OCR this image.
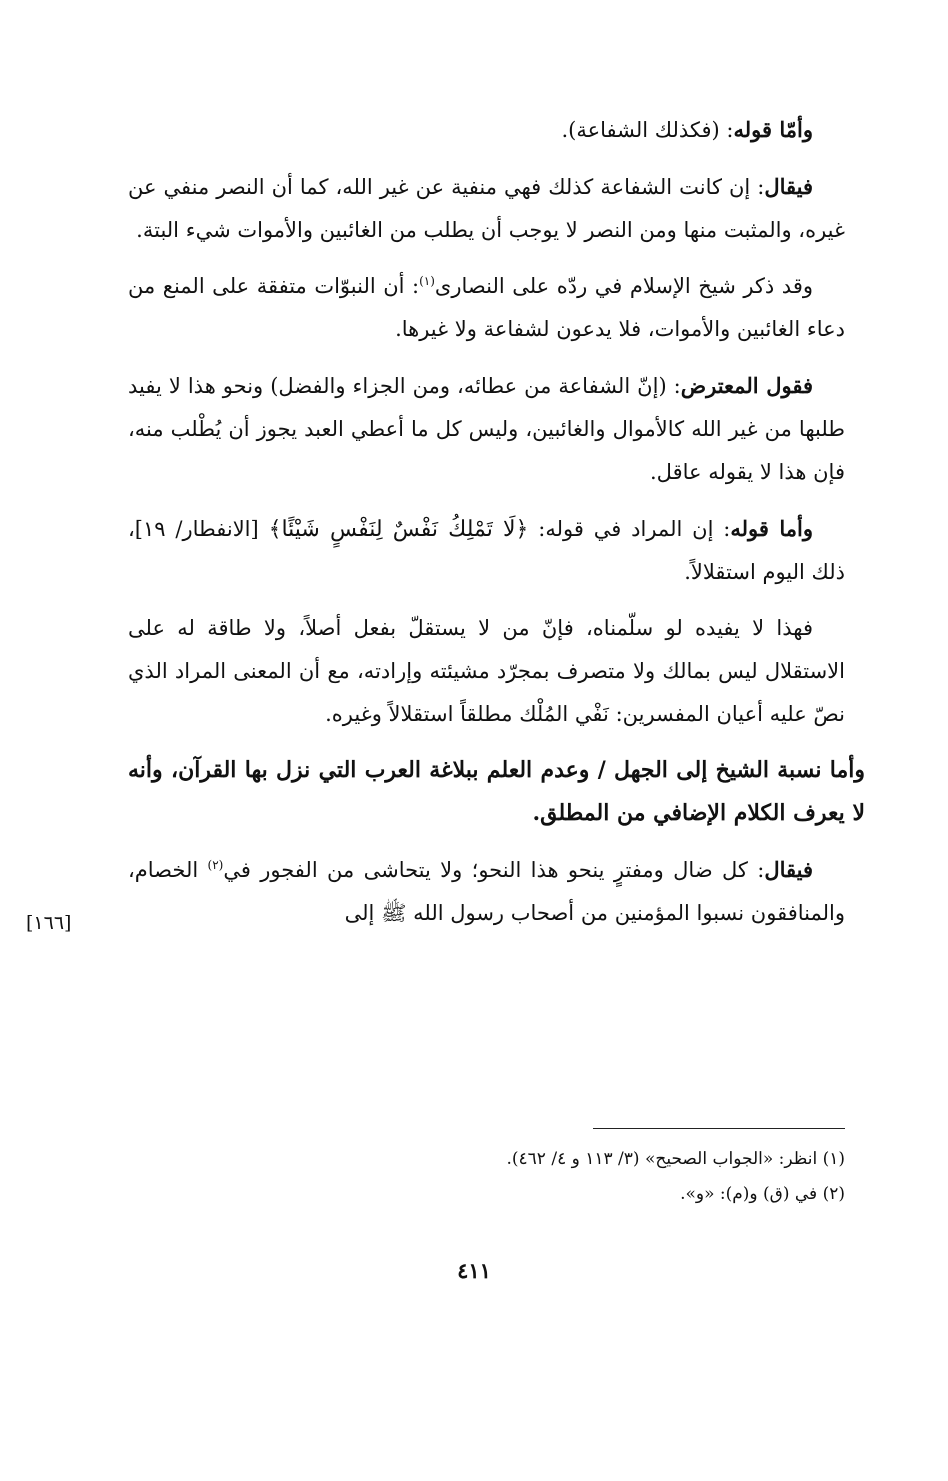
وأمّا قوله: (فكذلك الشفاعة).

فيقال: إن كانت الشفاعة كذلك فهي منفية عن غير الله، كما أن النصر منفي عن غيره، والمثبت منها ومن النصر لا يوجب أن يطلب من الغائبين والأموات شيء البتة.

وقد ذكر شيخ الإسلام في ردّه على النصارى$^{(١)}$: أن النبوّات متفقة على المنع من دعاء الغائبين والأموات، فلا يدعون لشفاعة ولا غيرها.

فقول المعترض: (إنّ الشفاعة من عطائه، ومن الجزاء والفضل) ونحو هذا لا يفيد طلبها من غير الله كالأموال والغائبين، وليس كل ما أعطي العبد يجوز أن يُطْلب منه، فإن هذا لا يقوله عاقل.

وأما قوله: إن المراد في قوله: ﴿لَا تَمْلِكُ نَفْسٌ لِنَفْسٍ شَيْئًا﴾ [الانفطار/ ١٩]، ذلك اليوم استقلالاً.

فهذا لا يفيده لو سلّمناه، فإنّ من لا يستقلّ بفعل أصلاً، ولا طاقة له على الاستقلال ليس بمالك ولا متصرف بمجرّد مشيئته وإرادته، مع أن المعنى المراد الذي نصّ عليه أعيان المفسرين: نَفْي المُلْك مطلقاً استقلالاً وغيره.

وأما نسبة الشيخ إلى الجهل / وعدم العلم ببلاغة العرب التي نزل بها القرآن، وأنه لا يعرف الكلام الإضافي من المطلق.

فيقال: كل ضال ومفترٍ ينحو هذا النحو؛ ولا يتحاشى من الفجور في$^{(٢)}$ الخصام، والمنافقون نسبوا المؤمنين من أصحاب رسول الله ﷺ إلى

[١٦٦]

(١) انظر: «الجواب الصحيح» (٣/ ١١٣ و ٤/ ٤٦٢).

(٢) في (ق) و(م): «و».

٤١١
